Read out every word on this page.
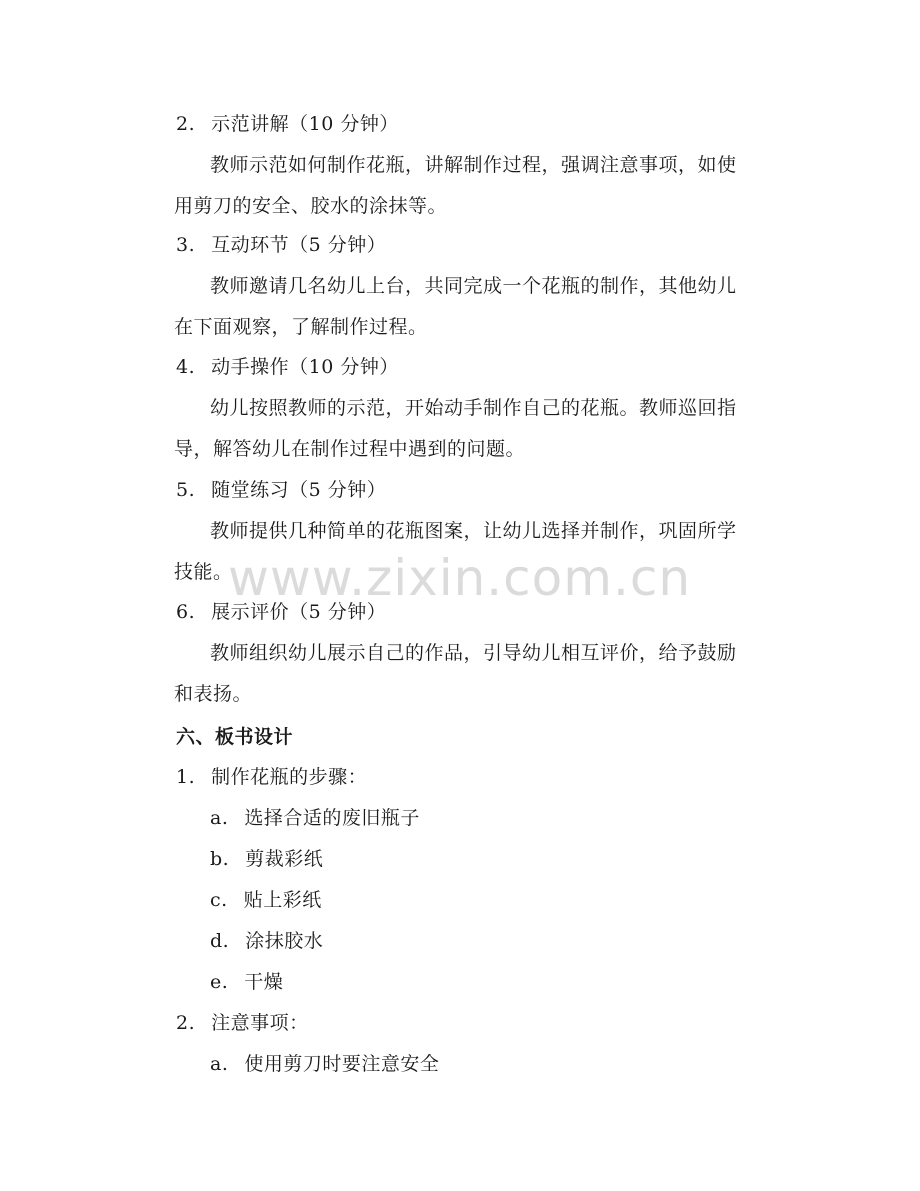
2. 示范讲解（10 分钟）
教师示范如何制作花瓶，讲解制作过程，强调注意事项，如使
用剪刀的安全、胶水的涂抹等。
3. 互动环节（5 分钟）
教师邀请几名幼儿上台，共同完成一个花瓶的制作，其他幼儿
在下面观察，了解制作过程。
4. 动手操作（10 分钟）
幼儿按照教师的示范，开始动手制作自己的花瓶。教师巡回指
导，解答幼儿在制作过程中遇到的问题。
5. 随堂练习（5 分钟）
教师提供几种简单的花瓶图案，让幼儿选择并制作，巩固所学
技能。
6. 展示评价（5 分钟）
教师组织幼儿展示自己的作品，引导幼儿相互评价，给予鼓励
和表扬。
六、板书设计
1. 制作花瓶的步骤：
a. 选择合适的废旧瓶子
b. 剪裁彩纸
c. 贴上彩纸
d. 涂抹胶水
e. 干燥
2. 注意事项：
a. 使用剪刀时要注意安全
www.zixin.com.cn
